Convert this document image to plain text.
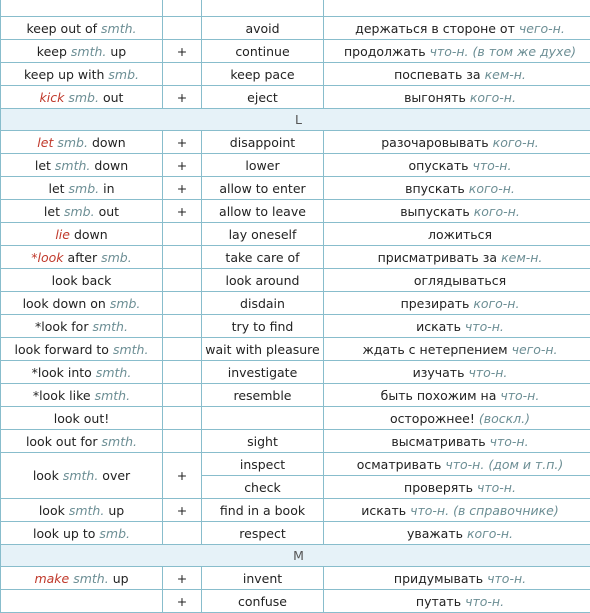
keep out of smth.		avoid	держаться в стороне от чего-н.
keep smth. up	+	continue	продолжать что-н. (в том же духе)
keep up with smb.		keep pace	поспевать за кем-н.
kick smb. out	+	eject	выгонять кого-н.
L			
let smb. down	+	disappoint	разочаровывать кого-н.
let smth. down	+	lower	опускать что-н.
let smb. in	+	allow to enter	впускать кого-н.
let smb. out	+	allow to leave	выпускать кого-н.
lie down		lay oneself	ложиться
*look after smb.		take care of	присматривать за кем-н.
look back		look around	оглядываться
look down on smb.		disdain	презирать кого-н.
*look for smth.		try to find	искать что-н.
look forward to smth.		wait with pleasure	ждать с нетерпением чего-н.
*look into smth.		investigate	изучать что-н.
*look like smth.		resemble	быть похожим на что-н.
look out!			осторожнее! (воскл.)
look out for smth.		sight	высматривать что-н.
look smth. over	+	inspect	осматривать что-н. (дом и т.п.)
		check	проверять что-н.
look smth. up	+	find in a book	искать что-н. (в справочнике)
look up to smb.		respect	уважать кого-н.
M			
make smth. up	+	invent	придумывать что-н.
	+	confuse	путать что-н.
